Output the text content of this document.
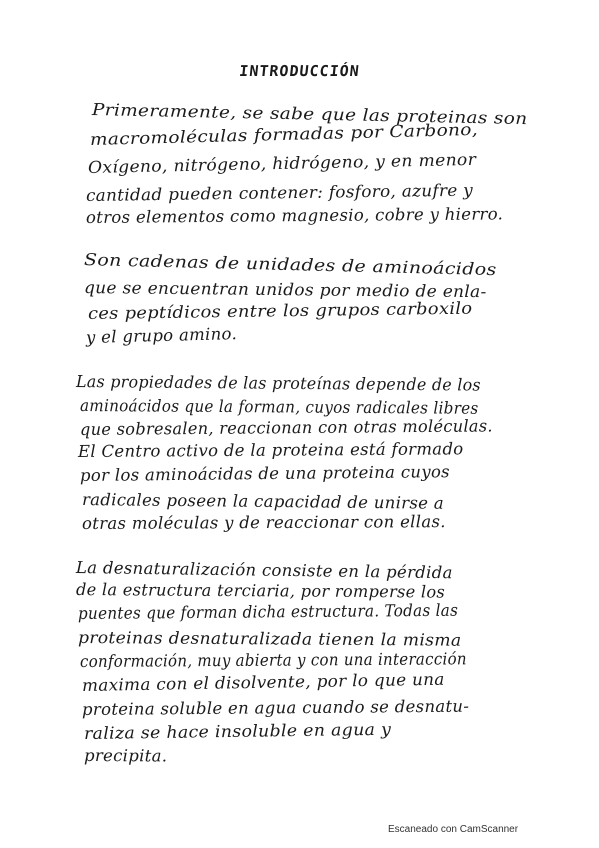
INTRODUCCIÓN
Primeramente, se sabe que las proteinas son
macromoléculas formadas por Carbono,
Oxígeno, nitrógeno, hidrógeno, y en menor
cantidad pueden contener: fosforo, azufre y
otros elementos como magnesio, cobre y hierro.
Son cadenas de unidades de aminoácidos
que se encuentran unidos por medio de enla-
ces peptídicos entre los grupos carboxilo
y el grupo amino.
Las propiedades de las proteínas depende de los
aminoácidos que la forman, cuyos radicales libres
que sobresalen, reaccionan con otras moléculas.
El Centro activo de la proteina está formado
por los aminoácidas de una proteina cuyos
radicales poseen la capacidad de unirse a
otras moléculas y de reaccionar con ellas.
La desnaturalización consiste en la pérdida
de la estructura terciaria, por romperse los
puentes que forman dicha estructura. Todas las
proteinas desnaturalizada tienen la misma
conformación, muy abierta y con una interacción
maxima con el disolvente, por lo que una
proteina soluble en agua cuando se desnatu-
raliza se hace insoluble en agua y
precipita.
Escaneado con CamScanner
